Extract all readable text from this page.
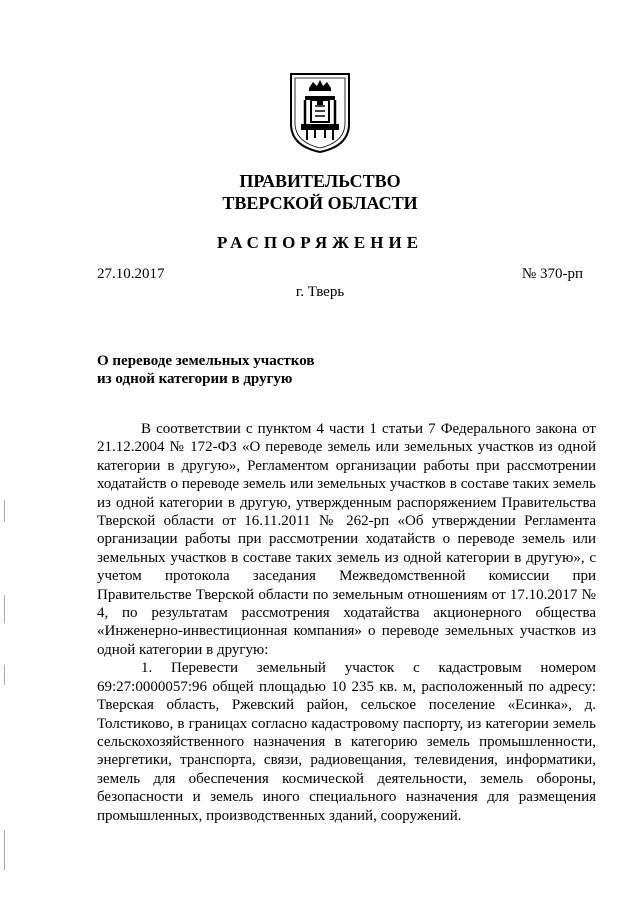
ПРАВИТЕЛЬСТВО
ТВЕРСКОЙ ОБЛАСТИ
РАСПОРЯЖЕНИЕ
27.10.2017	№ 370-рп
г. Тверь
О переводе земельных участков
из одной категории в другую

В соответствии с пунктом 4 части 1 статьи 7 Федерального закона от 21.12.2004 № 172-ФЗ «О переводе земель или земельных участков из одной категории в другую», Регламентом организации работы при рассмотрении ходатайств о переводе земель или земельных участков в составе таких земель из одной категории в другую, утвержденным распоряжением Правительства Тверской области от 16.11.2011 № 262-рп «Об утверждении Регламента организации работы при рассмотрении ходатайств о переводе земель или земельных участков в составе таких земель из одной категории в другую», с учетом протокола заседания Межведомственной комиссии при Правительстве Тверской области по земельным отношениям от 17.10.2017 № 4, по результатам рассмотрения ходатайства акционерного общества «Инженерно-инвестиционная компания» о переводе земельных участков из одной категории в другую:

1. Перевести земельный участок с кадастровым номером 69:27:0000057:96 общей площадью 10 235 кв. м, расположенный по адресу: Тверская область, Ржевский район, сельское поселение «Есинка», д. Толстиково, в границах согласно кадастровому паспорту, из категории земель сельскохозяйственного назначения в категорию земель промышленности, энергетики, транспорта, связи, радиовещания, телевидения, информатики, земель для обеспечения космической деятельности, земель обороны, безопасности и земель иного специального назначения для размещения промышленных, производственных зданий, сооружений.
